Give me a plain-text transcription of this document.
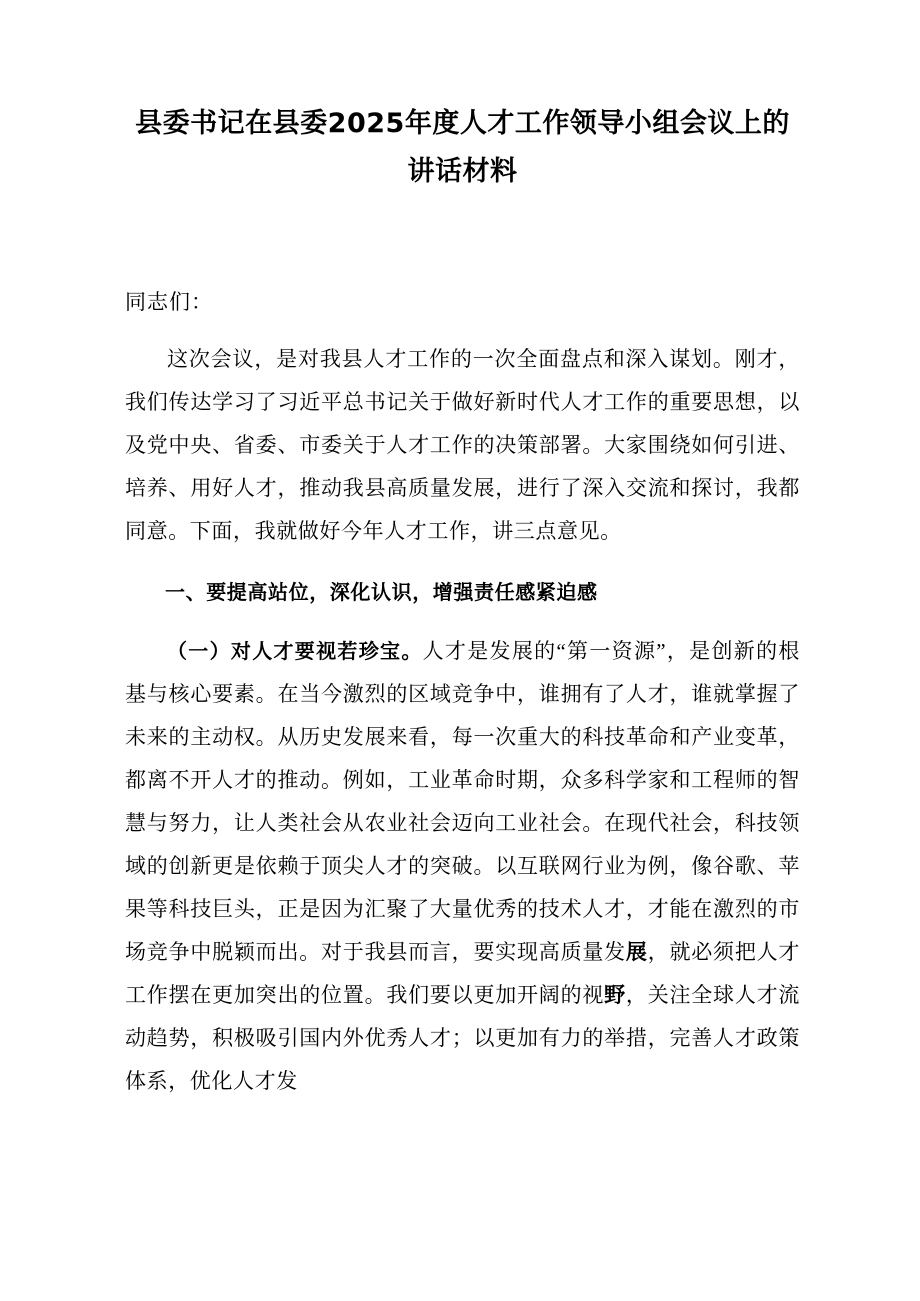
县委书记在县委2025年度人才工作领导小组会议上的讲话材料
同志们：

这次会议，是对我县人才工作的一次全面盘点和深入谋划。刚才，我们传达学习了习近平总书记关于做好新时代人才工作的重要思想，以及党中央、省委、市委关于人才工作的决策部署。大家围绕如何引进、培养、用好人才，推动我县高质量发展，进行了深入交流和探讨，我都同意。下面，我就做好今年人才工作，讲三点意见。

一、要提高站位，深化认识，增强责任感紧迫感

（一）对人才要视若珍宝。人才是发展的“第一资源”，是创新的根基与核心要素。在当今激烈的区域竞争中，谁拥有了人才，谁就掌握了未来的主动权。从历史发展来看，每一次重大的科技革命和产业变革，都离不开人才的推动。例如，工业革命时期，众多科学家和工程师的智慧与努力，让人类社会从农业社会迈向工业社会。在现代社会，科技领域的创新更是依赖于顶尖人才的突破。以互联网行业为例，像谷歌、苹果等科技巨头，正是因为汇聚了大量优秀的技术人才，才能在激烈的市场竞争中脱颖而出。对于我县而言，要实现高质量发展，就必须把人才工作摆在更加突出的位置。我们要以更加开阔的视野，关注全球人才流动趋势，积极吸引国内外优秀人才；以更加有力的举措，完善人才政策体系，优化人才发
